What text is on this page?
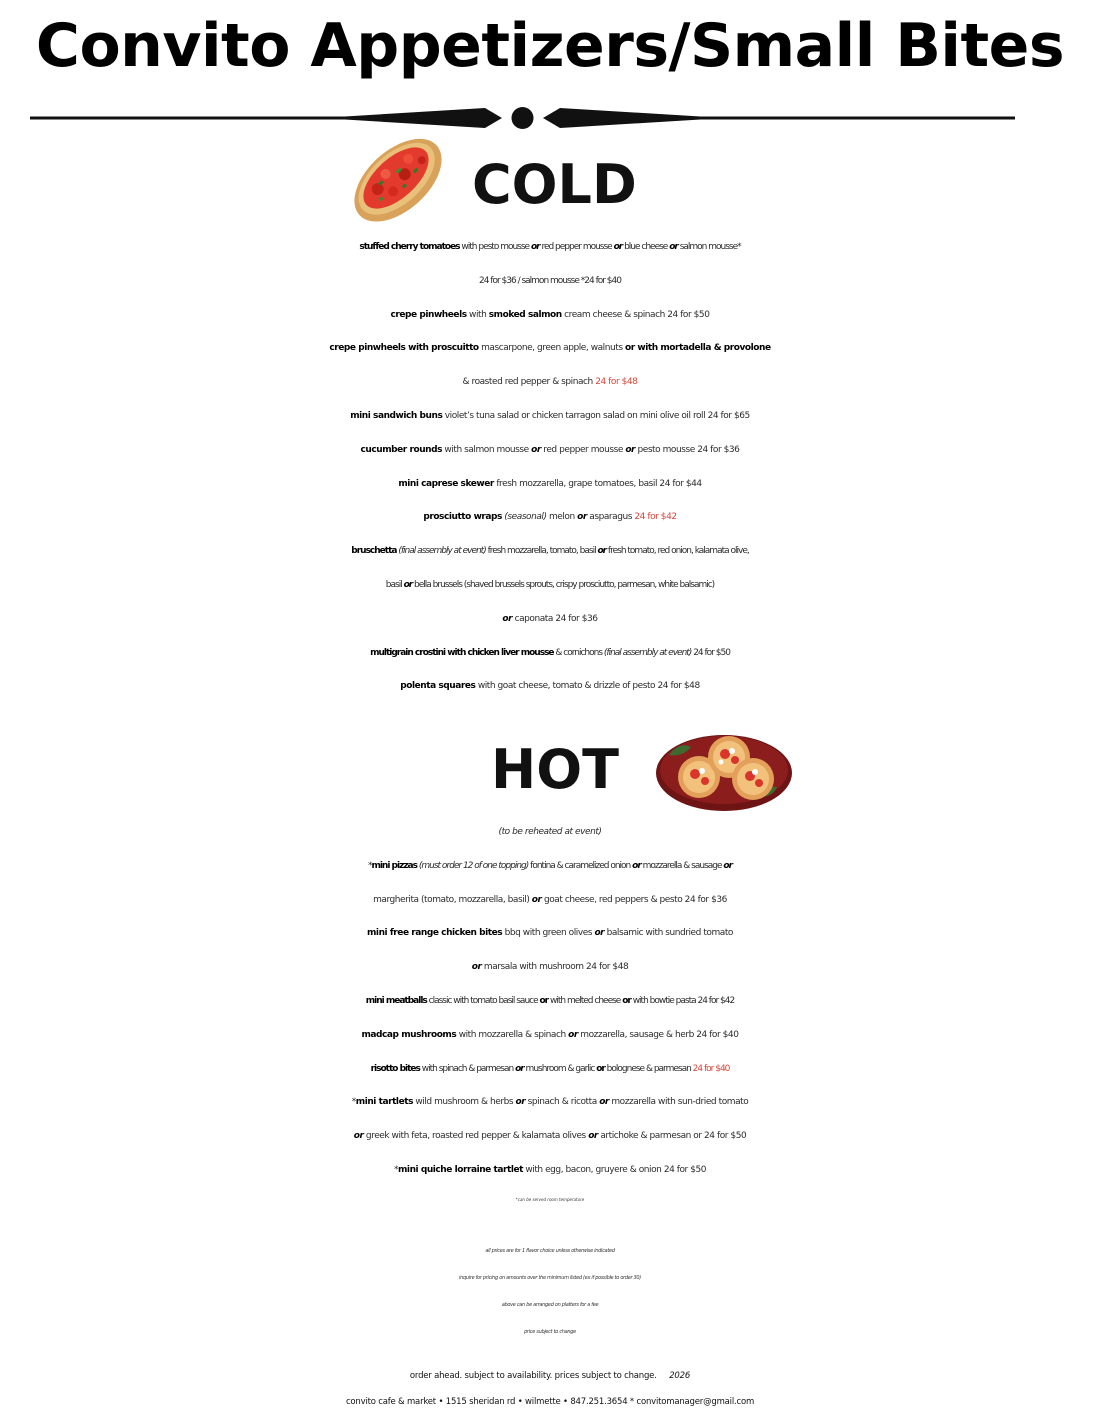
Convito Appetizers/Small Bites
COLD
stuffed cherry tomatoes with pesto mousse or red pepper mousse or blue cheese or salmon mousse*
24 for $36 / salmon mousse *24 for $40
crepe pinwheels with smoked salmon cream cheese & spinach 24 for $50
crepe pinwheels with proscuitto mascarpone, green apple, walnuts or with mortadella & provolone
& roasted red pepper & spinach 24 for $48
mini sandwich buns violet’s tuna salad or chicken tarragon salad on mini olive oil roll 24 for $65
cucumber rounds with salmon mousse or red pepper mousse or pesto mousse 24 for $36
mini caprese skewer fresh mozzarella, grape tomatoes, basil 24 for $44
prosciutto wraps (seasonal) melon or asparagus 24 for $42
bruschetta (final assembly at event) fresh mozzarella, tomato, basil or fresh tomato, red onion, kalamata olive,
basil or bella brussels (shaved brussels sprouts, crispy prosciutto, parmesan, white balsamic)
or caponata 24 for $36
multigrain crostini with chicken liver mousse & cornichons (final assembly at event) 24 for $50
polenta squares with goat cheese, tomato & drizzle of pesto 24 for $48
HOT
(to be reheated at event)
*mini pizzas (must order 12 of one topping) fontina & caramelized onion or mozzarella & sausage or
margherita (tomato, mozzarella, basil) or goat cheese, red peppers & pesto 24 for $36
mini free range chicken bites bbq with green olives or balsamic with sundried tomato
or marsala with mushroom 24 for $48
mini meatballs classic with tomato basil sauce or with melted cheese or with bowtie pasta 24 for $42
madcap mushrooms with mozzarella & spinach or mozzarella, sausage & herb 24 for $40
risotto bites with spinach & parmesan or mushroom & garlic or bolognese & parmesan 24 for $40
*mini tartlets wild mushroom & herbs or spinach & ricotta or mozzarella with sun-dried tomato
or greek with feta, roasted red pepper & kalamata olives or artichoke & parmesan or 24 for $50
*mini quiche lorraine tartlet with egg, bacon, gruyere & onion 24 for $50
*can be served room temperature
all prices are for 1 flavor choice unless otherwise indicated
inquire for pricing on amounts over the minimum listed (ex if possible to order 30)
above can be arranged on platters for a fee
price subject to change
order ahead. subject to availability. prices subject to change. 2026
convito cafe & market • 1515 sheridan rd • wilmette • 847.251.3654 * convitomanager@gmail.com
